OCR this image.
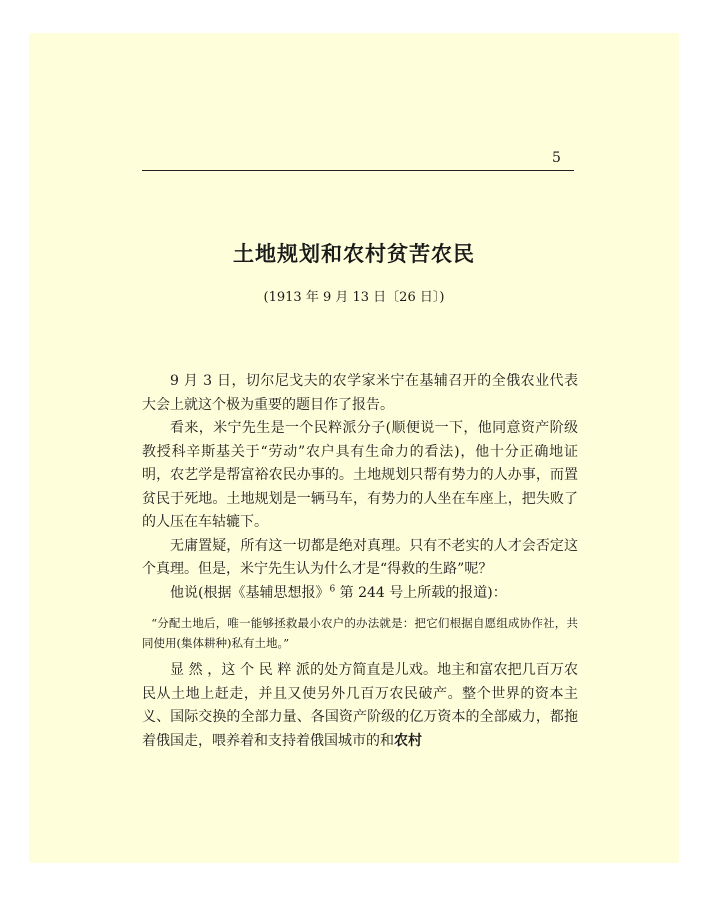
5

土地规划和农村贫苦农民

(1913 年 9 月 13 日〔26 日〕)

9 月 3 日，切尔尼戈夫的农学家米宁在基辅召开的全俄农业代表大会上就这个极为重要的题目作了报告。

看来，米宁先生是一个民粹派分子(顺便说一下，他同意资产阶级教授科辛斯基关于“劳动”农户具有生命力的看法)，他十分正确地证明，农艺学是帮富裕农民办事的。土地规划只帮有势力的人办事，而置贫民于死地。土地规划是一辆马车，有势力的人坐在车座上，把失败了的人压在车轱辘下。

无庸置疑，所有这一切都是绝对真理。只有不老实的人才会否定这个真理。但是，米宁先生认为什么才是“得救的生路”呢？

他说(根据《基辅思想报》$^6$ 第 244 号上所载的报道)：

“分配土地后，唯一能够拯救最小农户的办法就是：把它们根据自愿组成协作社，共同使用(集体耕种)私有土地。”

显 然 ，这 个 民 粹 派的处方简直是儿戏。地主和富农把几百万农民从土地上赶走，并且又使另外几百万农民破产。整个世界的资本主义、国际交换的全部力量、各国资产阶级的亿万资本的全部威力，都拖着俄国走，喂养着和支持着俄国城市的和农村
